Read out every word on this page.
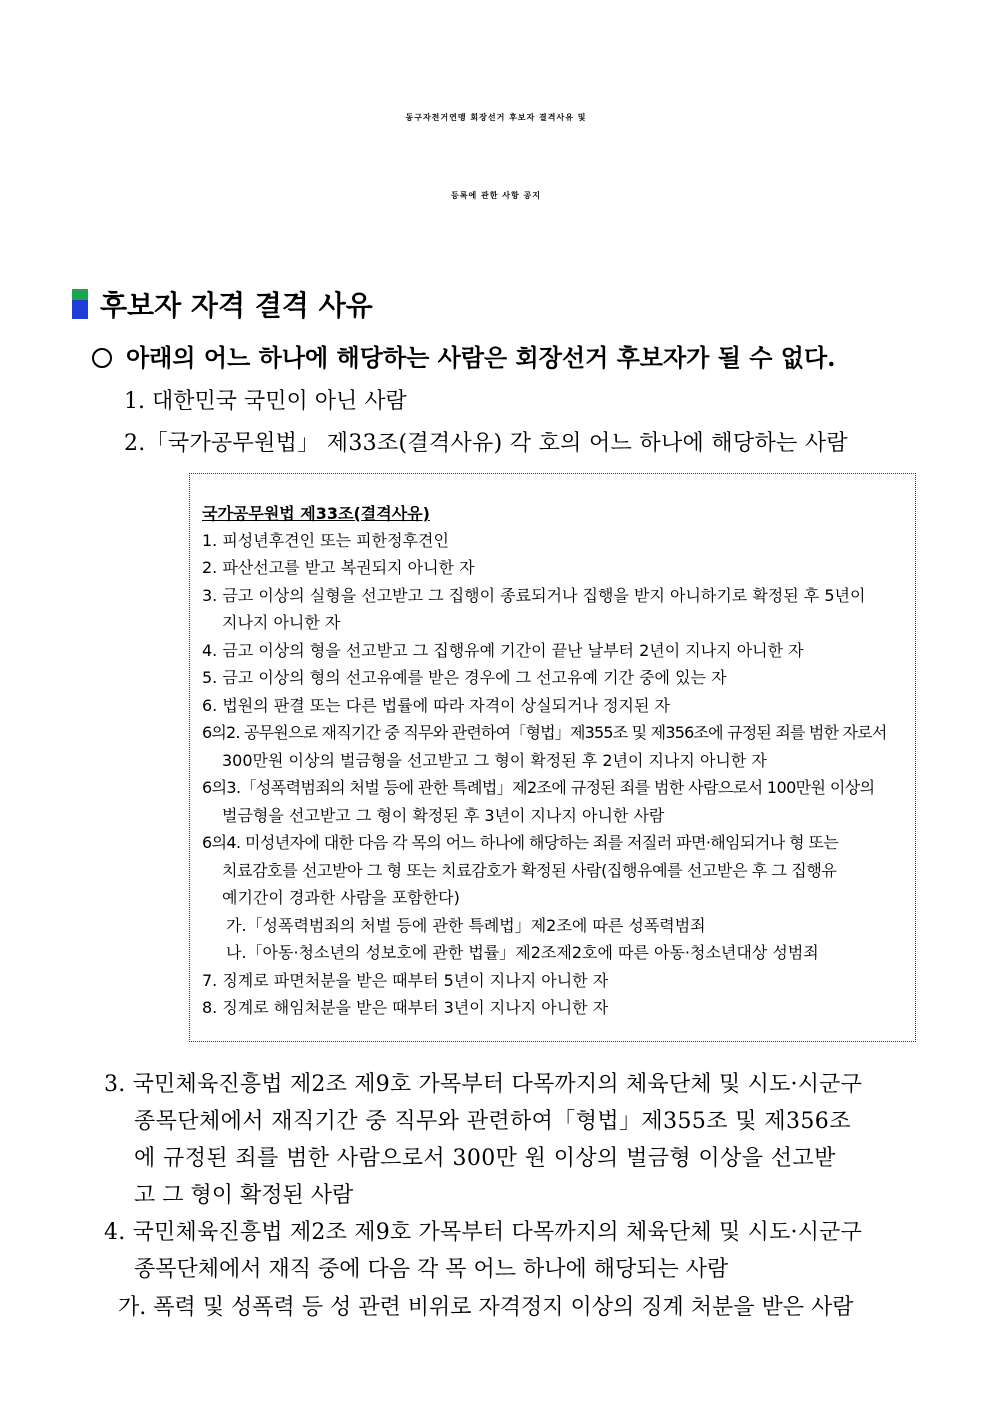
동구자전거연맹 회장선거 후보자 결격사유 및
등록에 관한 사항 공지
후보자 자격 결격 사유
아래의 어느 하나에 해당하는 사람은 회장선거 후보자가 될 수 없다.
1. 대한민국 국민이 아닌 사람
2.「국가공무원법」 제33조(결격사유) 각 호의 어느 하나에 해당하는 사람
국가공무원법 제33조(결격사유)
1. 피성년후견인 또는 피한정후견인
2. 파산선고를 받고 복권되지 아니한 자
3. 금고 이상의 실형을 선고받고 그 집행이 종료되거나 집행을 받지 아니하기로 확정된 후 5년이
지나지 아니한 자
4. 금고 이상의 형을 선고받고 그 집행유예 기간이 끝난 날부터 2년이 지나지 아니한 자
5. 금고 이상의 형의 선고유예를 받은 경우에 그 선고유예 기간 중에 있는 자
6. 법원의 판결 또는 다른 법률에 따라 자격이 상실되거나 정지된 자
6의2. 공무원으로 재직기간 중 직무와 관련하여「형법」제355조 및 제356조에 규정된 죄를 범한 자로서
300만원 이상의 벌금형을 선고받고 그 형이 확정된 후 2년이 지나지 아니한 자
6의3.「성폭력범죄의 처벌 등에 관한 특례법」제2조에 규정된 죄를 범한 사람으로서 100만원 이상의
벌금형을 선고받고 그 형이 확정된 후 3년이 지나지 아니한 사람
6의4. 미성년자에 대한 다음 각 목의 어느 하나에 해당하는 죄를 저질러 파면·해임되거나 형 또는
치료감호를 선고받아 그 형 또는 치료감호가 확정된 사람(집행유예를 선고받은 후 그 집행유
예기간이 경과한 사람을 포함한다)
가.「성폭력범죄의 처벌 등에 관한 특례법」제2조에 따른 성폭력범죄
나.「아동·청소년의 성보호에 관한 법률」제2조제2호에 따른 아동·청소년대상 성범죄
7. 징계로 파면처분을 받은 때부터 5년이 지나지 아니한 자
8. 징계로 해임처분을 받은 때부터 3년이 지나지 아니한 자
3. 국민체육진흥법 제2조 제9호 가목부터 다목까지의 체육단체 및 시도·시군구
종목단체에서 재직기간 중 직무와 관련하여「형법」제355조 및 제356조
에 규정된 죄를 범한 사람으로서 300만 원 이상의 벌금형 이상을 선고받
고 그 형이 확정된 사람
4. 국민체육진흥법 제2조 제9호 가목부터 다목까지의 체육단체 및 시도·시군구
종목단체에서 재직 중에 다음 각 목 어느 하나에 해당되는 사람
가. 폭력 및 성폭력 등 성 관련 비위로 자격정지 이상의 징계 처분을 받은 사람
